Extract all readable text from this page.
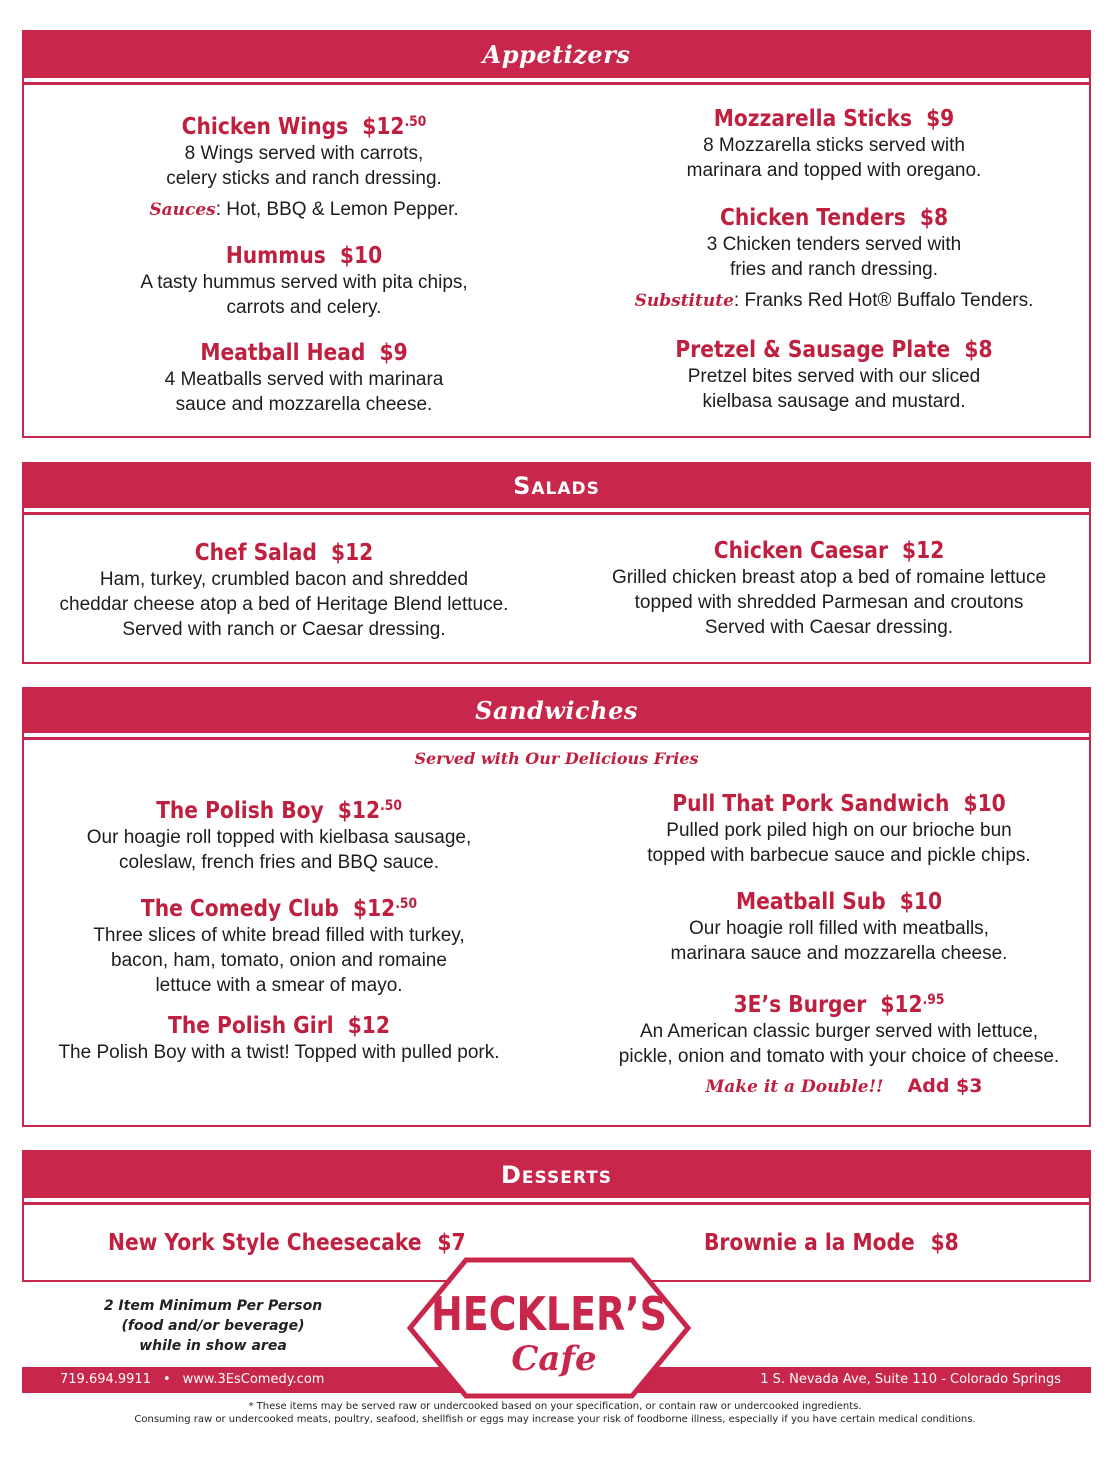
Appetizers
Chicken Wings $\$12^{.50}$
8 Wings served with carrots,
celery sticks and ranch dressing.
Sauces: Hot, BBQ & Lemon Pepper.
Hummus $10
A tasty hummus served with pita chips,
carrots and celery.
Meatball Head $9
4 Meatballs served with marinara
sauce and mozzarella cheese.
Mozzarella Sticks $9
8 Mozzarella sticks served with
marinara and topped with oregano.
Chicken Tenders $8
3 Chicken tenders served with
fries and ranch dressing.
Substitute: Franks Red Hot® Buffalo Tenders.
Pretzel & Sausage Plate $8
Pretzel bites served with our sliced
kielbasa sausage and mustard.
Salads
Chef Salad $12
Ham, turkey, crumbled bacon and shredded
cheddar cheese atop a bed of Heritage Blend lettuce.
Served with ranch or Caesar dressing.
Chicken Caesar $12
Grilled chicken breast atop a bed of romaine lettuce
topped with shredded Parmesan and croutons
Served with Caesar dressing.
Sandwiches
Served with Our Delicious Fries
The Polish Boy $\$12^{.50}$
Our hoagie roll topped with kielbasa sausage,
coleslaw, french fries and BBQ sauce.
The Comedy Club $\$12^{.50}$
Three slices of white bread filled with turkey,
bacon, ham, tomato, onion and romaine
lettuce with a smear of mayo.
The Polish Girl $12
The Polish Boy with a twist! Topped with pulled pork.
Pull That Pork Sandwich $10
Pulled pork piled high on our brioche bun
topped with barbecue sauce and pickle chips.
Meatball Sub $10
Our hoagie roll filled with meatballs,
marinara sauce and mozzarella cheese.
3E’s Burger $\$12^{.95}$
An American classic burger served with lettuce,
pickle, onion and tomato with your choice of cheese.
Make it a Double!! Add $3
Desserts
New York Style Cheesecake $7	Brownie a la Mode $8
2 Item Minimum Per Person
(food and/or beverage)
while in show area
719.694.9911 • www.3EsComedy.com	1 S. Nevada Ave, Suite 110 - Colorado Springs
HECKLER’S
Cafe
* These items may be served raw or undercooked based on your specification, or contain raw or undercooked ingredients.
Consuming raw or undercooked meats, poultry, seafood, shellfish or eggs may increase your risk of foodborne illness, especially if you have certain medical conditions.
